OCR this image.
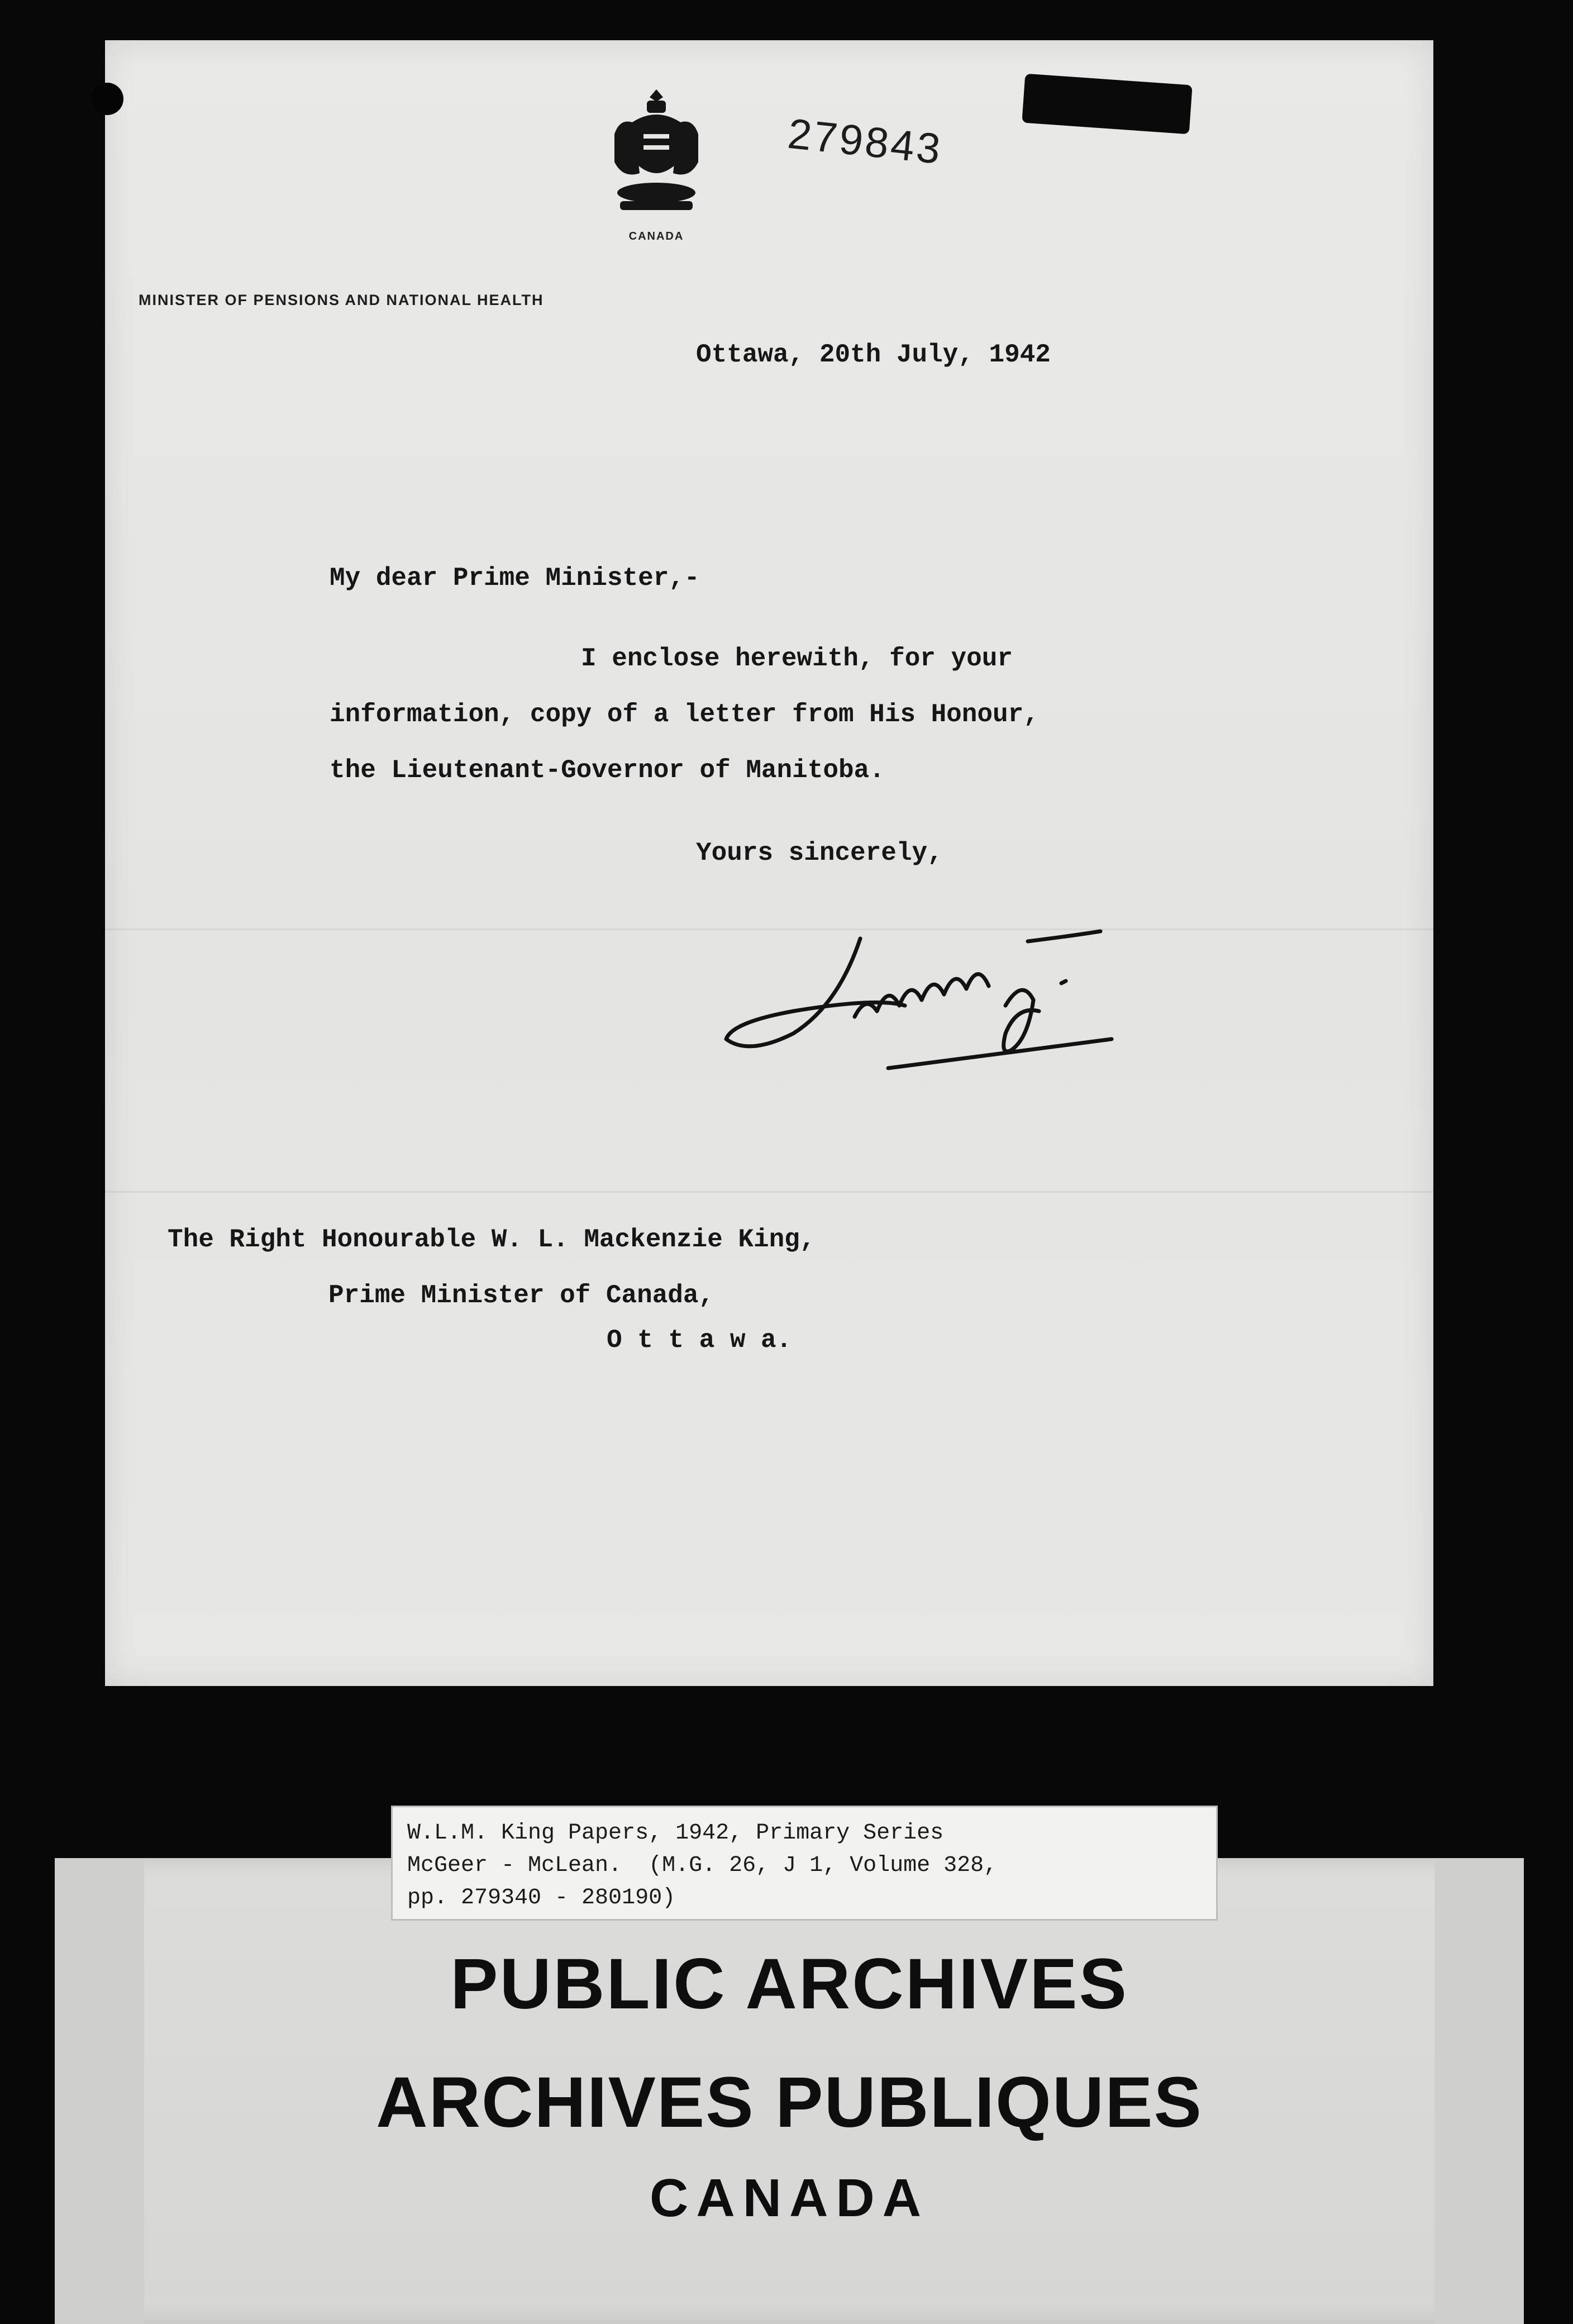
CANADA
279843
MINISTER OF PENSIONS AND NATIONAL HEALTH
Ottawa, 20th July, 1942
My dear Prime Minister,-
I enclose herewith, for your
information, copy of a letter from His Honour,
the Lieutenant-Governor of Manitoba.
Yours sincerely,
The Right Honourable W. L. Mackenzie King,
Prime Minister of Canada,
O t t a w a.
W.L.M. King Papers, 1942, Primary Series
McGeer - McLean.  (M.G. 26, J 1, Volume 328,
pp. 279340 - 280190)
PUBLIC ARCHIVES
ARCHIVES PUBLIQUES
CANADA
